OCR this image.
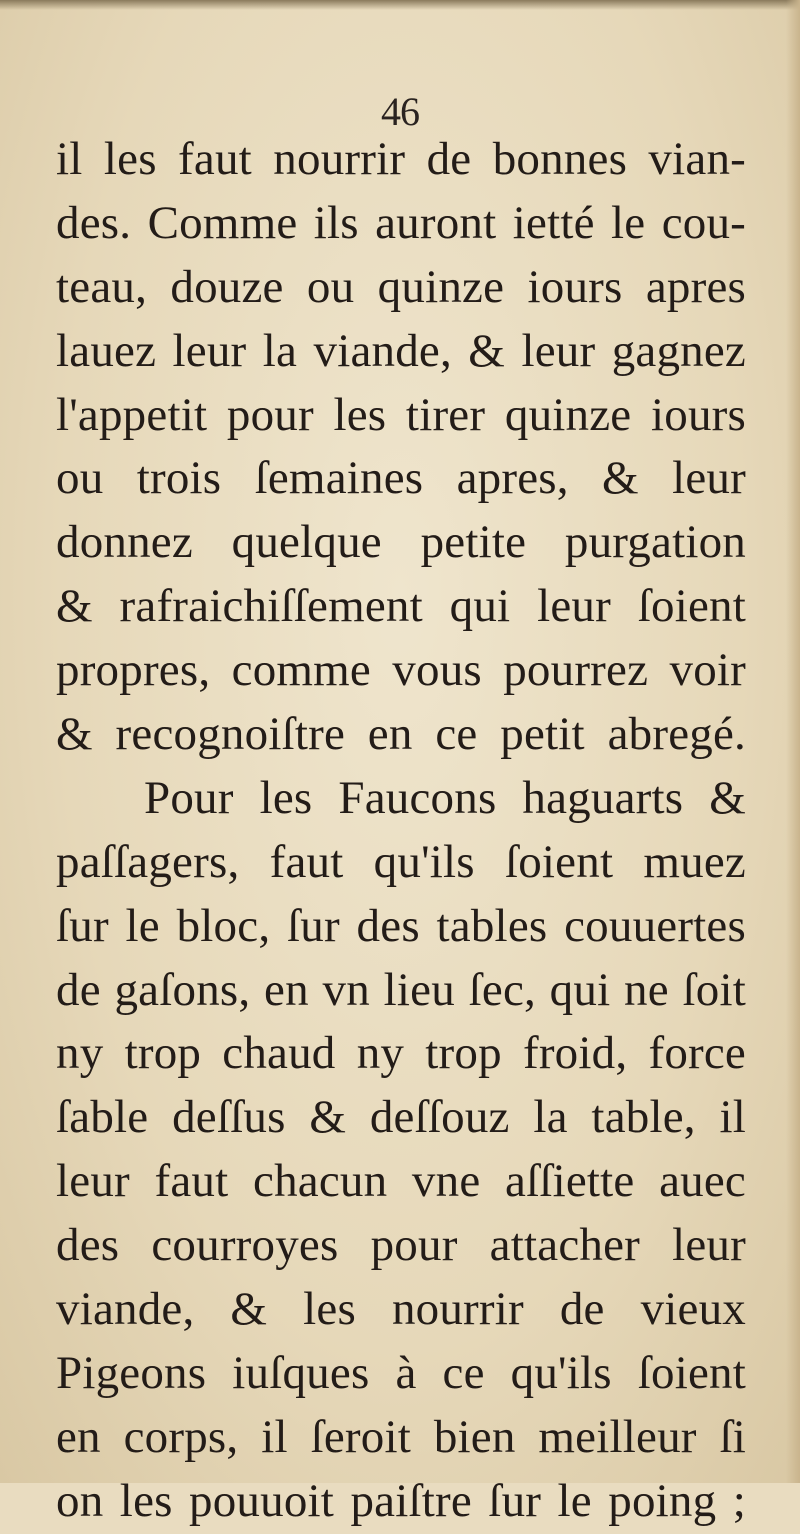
46
il les faut nourrir de bonnes vian-
des. Comme ils auront ietté le cou-
teau, douze ou quinze iours apres
lauez leur la viande, & leur gagnez
l'appetit pour les tirer quinze iours
ou trois ſemaines apres, & leur
donnez quelque petite purgation
& rafraichiſſement qui leur ſoient
propres, comme vous pourrez voir
& recognoiſtre en ce petit abregé.
Pour les Faucons haguarts &
paſſagers, faut qu'ils ſoient muez
ſur le bloc, ſur des tables couuertes
de gaſons, en vn lieu ſec, qui ne ſoit
ny trop chaud ny trop froid, force
ſable deſſus & deſſouz la table, il
leur faut chacun vne aſſiette auec
des courroyes pour attacher leur
viande, & les nourrir de vieux
Pigeons iuſques à ce qu'ils ſoient
en corps, il ſeroit bien meilleur ſi
on les pouuoit paiſtre ſur le poing ;
